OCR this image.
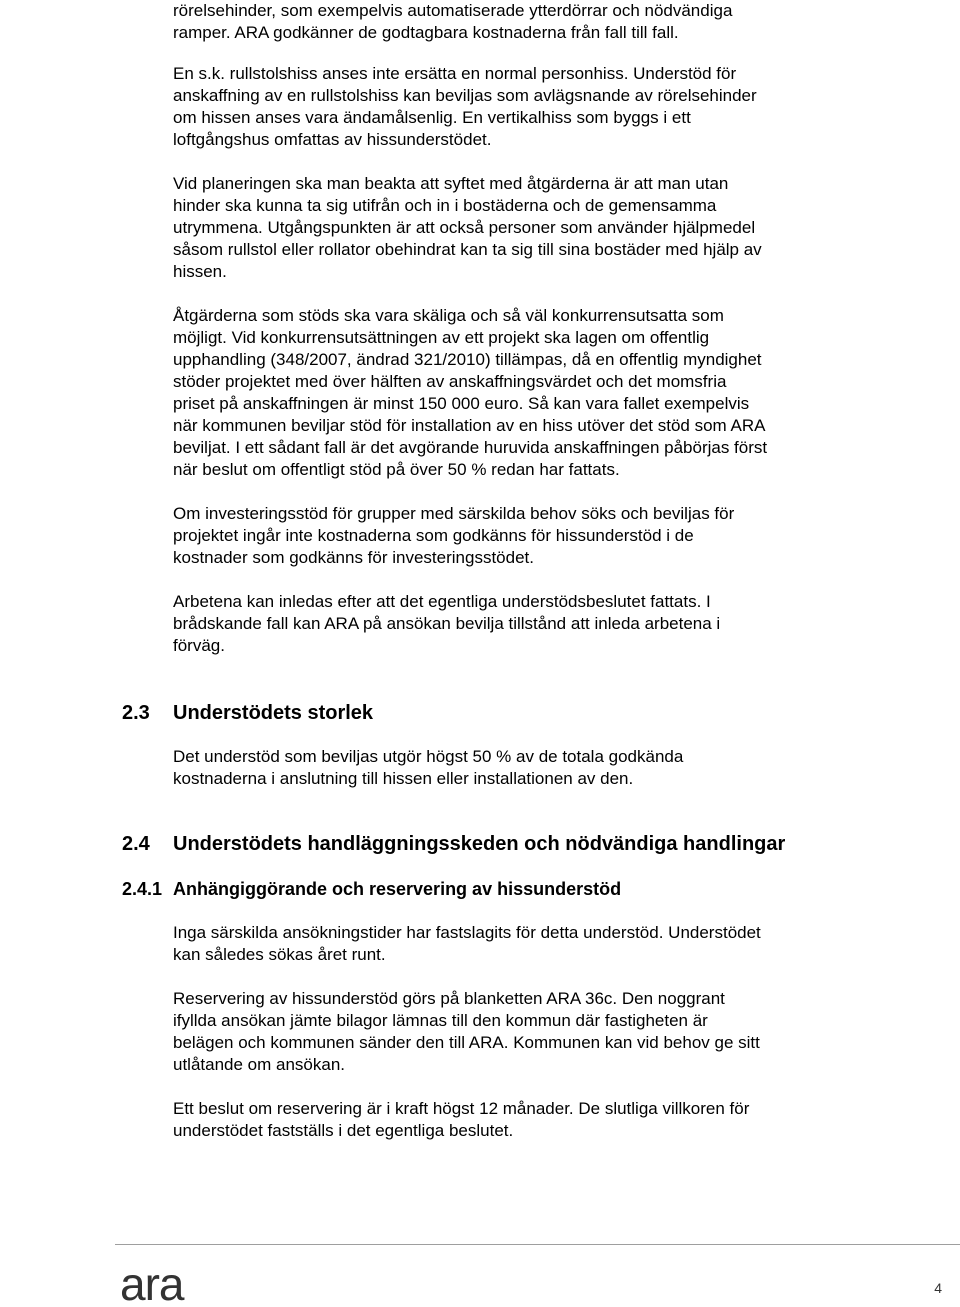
rörelsehinder, som exempelvis automatiserade ytterdörrar och nödvändiga
ramper. ARA godkänner de godtagbara kostnaderna från fall till fall.

En s.k. rullstolshiss anses inte ersätta en normal personhiss. Understöd för
anskaffning av en rullstolshiss kan beviljas som avlägsnande av rörelsehinder
om hissen anses vara ändamålsenlig. En vertikalhiss som byggs i ett
loftgångshus omfattas av hissunderstödet.

Vid planeringen ska man beakta att syftet med åtgärderna är att man utan
hinder ska kunna ta sig utifrån och in i bostäderna och de gemensamma
utrymmena. Utgångspunkten är att också personer som använder hjälpmedel
såsom rullstol eller rollator obehindrat kan ta sig till sina bostäder med hjälp av
hissen.

Åtgärderna som stöds ska vara skäliga och så väl konkurrensutsatta som
möjligt. Vid konkurrensutsättningen av ett projekt ska lagen om offentlig
upphandling (348/2007, ändrad 321/2010) tillämpas, då en offentlig myndighet
stöder projektet med över hälften av anskaffningsvärdet och det momsfria
priset på anskaffningen är minst 150 000 euro. Så kan vara fallet exempelvis
när kommunen beviljar stöd för installation av en hiss utöver det stöd som ARA
beviljat. I ett sådant fall är det avgörande huruvida anskaffningen påbörjas först
när beslut om offentligt stöd på över 50 % redan har fattats.

Om investeringsstöd för grupper med särskilda behov söks och beviljas för
projektet ingår inte kostnaderna som godkänns för hissunderstöd i de
kostnader som godkänns för investeringsstödet.

Arbetena kan inledas efter att det egentliga understödsbeslutet fattats. I
brådskande fall kan ARA på ansökan bevilja tillstånd att inleda arbetena i
förväg.

2.3 Understödets storlek

Det understöd som beviljas utgör högst 50 % av de totala godkända
kostnaderna i anslutning till hissen eller installationen av den.

2.4 Understödets handläggningsskeden och nödvändiga handlingar
2.4.1 Anhängiggörande och reservering av hissunderstöd

Inga särskilda ansökningstider har fastslagits för detta understöd. Understödet
kan således sökas året runt.

Reservering av hissunderstöd görs på blanketten ARA 36c. Den noggrant
ifyllda ansökan jämte bilagor lämnas till den kommun där fastigheten är
belägen och kommunen sänder den till ARA. Kommunen kan vid behov ge sitt
utlåtande om ansökan.

Ett beslut om reservering är i kraft högst 12 månader. De slutliga villkoren för
understödet fastställs i det egentliga beslutet.

ara	4
